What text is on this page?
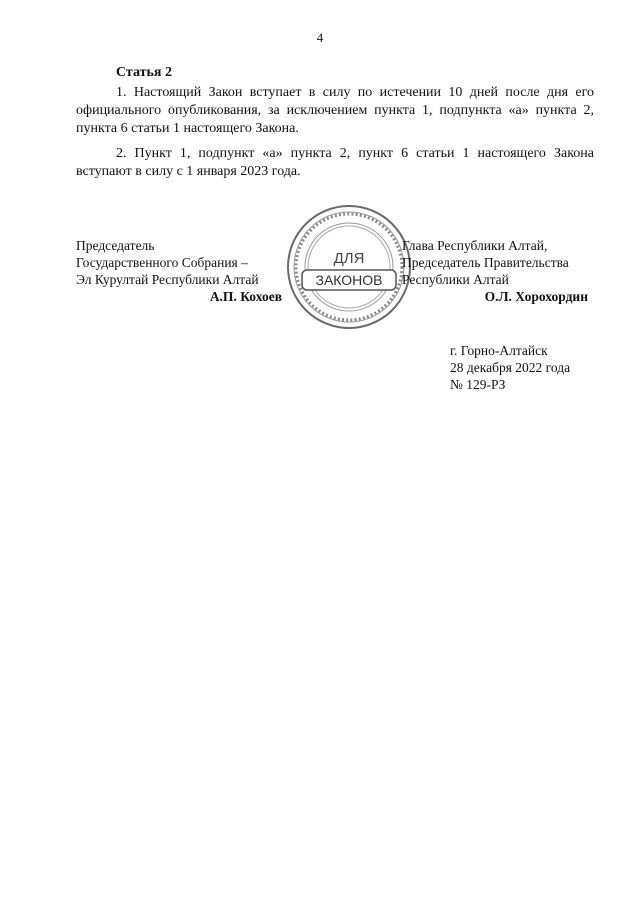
4
Статья 2

1. Настоящий Закон вступает в силу по истечении 10 дней после дня его официального опубликования, за исключением пункта 1, подпункта «а» пункта 2, пункта 6 статьи 1 настоящего Закона.

2. Пункт 1, подпункт «а» пункта 2, пункт 6 статьи 1 настоящего Закона вступают в силу с 1 января 2023 года.

Председатель
Государственного Собрания –
Эл Курултай Республики Алтай
А.П. Кохоев
ДЛЯ
ЗАКОНОВ
Глава Республики Алтай,
Председатель Правительства
Республики Алтай
О.Л. Хорохордин
г. Горно-Алтайск
28 декабря 2022 года
№ 129-РЗ
